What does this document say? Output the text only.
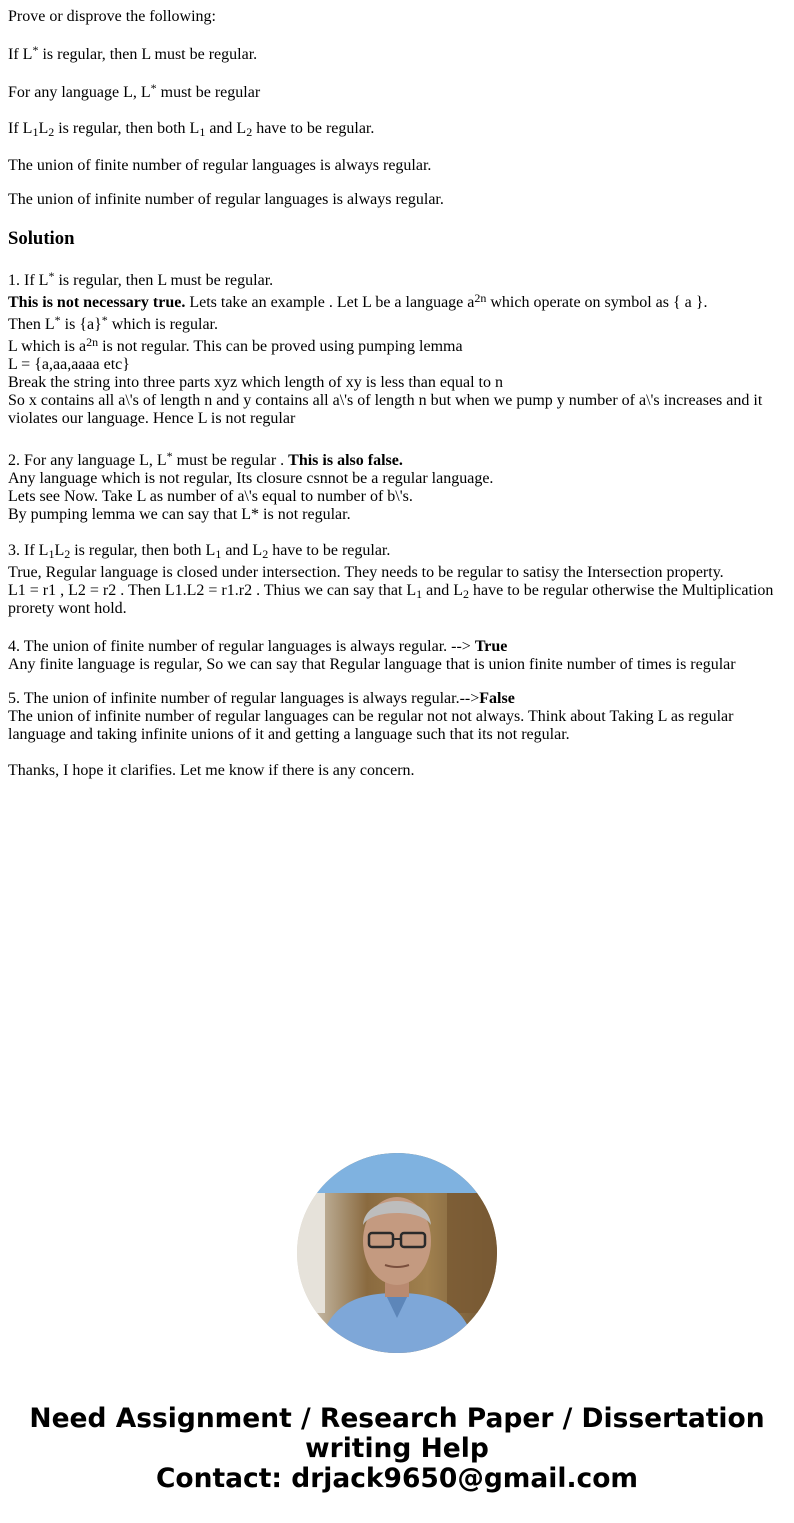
Prove or disprove the following:
If L* is regular, then L must be regular.
For any language L, L* must be regular
If $L_1L_2$ is regular, then both $L_1$ and $L_2$ have to be regular.
The union of finite number of regular languages is always regular.
The union of infinite number of regular languages is always regular.
Solution
1. If L* is regular, then L must be regular.
This is not necessary true. Lets take an example . Let L be a language $a^{2n}$ which operate on symbol as { a }.
Then L* is {a}* which is regular.
L which is $a^{2n}$ is not regular. This can be proved using pumping lemma
L = {a,aa,aaaa etc}
Break the string into three parts xyz which length of xy is less than equal to n
So x contains all a\'s of length n and y contains all a\'s of length n but when we pump y number of a\'s increases and it violates our language. Hence L is not regular
2. For any language L, L* must be regular . This is also false.
Any language which is not regular, Its closure csnnot be a regular language.
Lets see Now. Take L as number of a\'s equal to number of b\'s.
By pumping lemma we can say that L* is not regular.
3. If $L_1L_2$ is regular, then both $L_1$ and $L_2$ have to be regular.
True, Regular language is closed under intersection. They needs to be regular to satisy the Intersection property.
L1 = r1 , L2 = r2 . Then L1.L2 = r1.r2 . Thius we can say that $L_1$ and $L_2$ have to be regular otherwise the Multiplication prorety wont hold.
4. The union of finite number of regular languages is always regular. --> True
Any finite language is regular, So we can say that Regular language that is union finite number of times is regular
5. The union of infinite number of regular languages is always regular.-->False
The union of infinite number of regular languages can be regular not not always. Think about Taking L as regular language and taking infinite unions of it and getting a language such that its not regular.
Thanks, I hope it clarifies. Let me know if there is any concern.
Need Assignment / Research Paper / Dissertation
writing Help
Contact: drjack9650@gmail.com
